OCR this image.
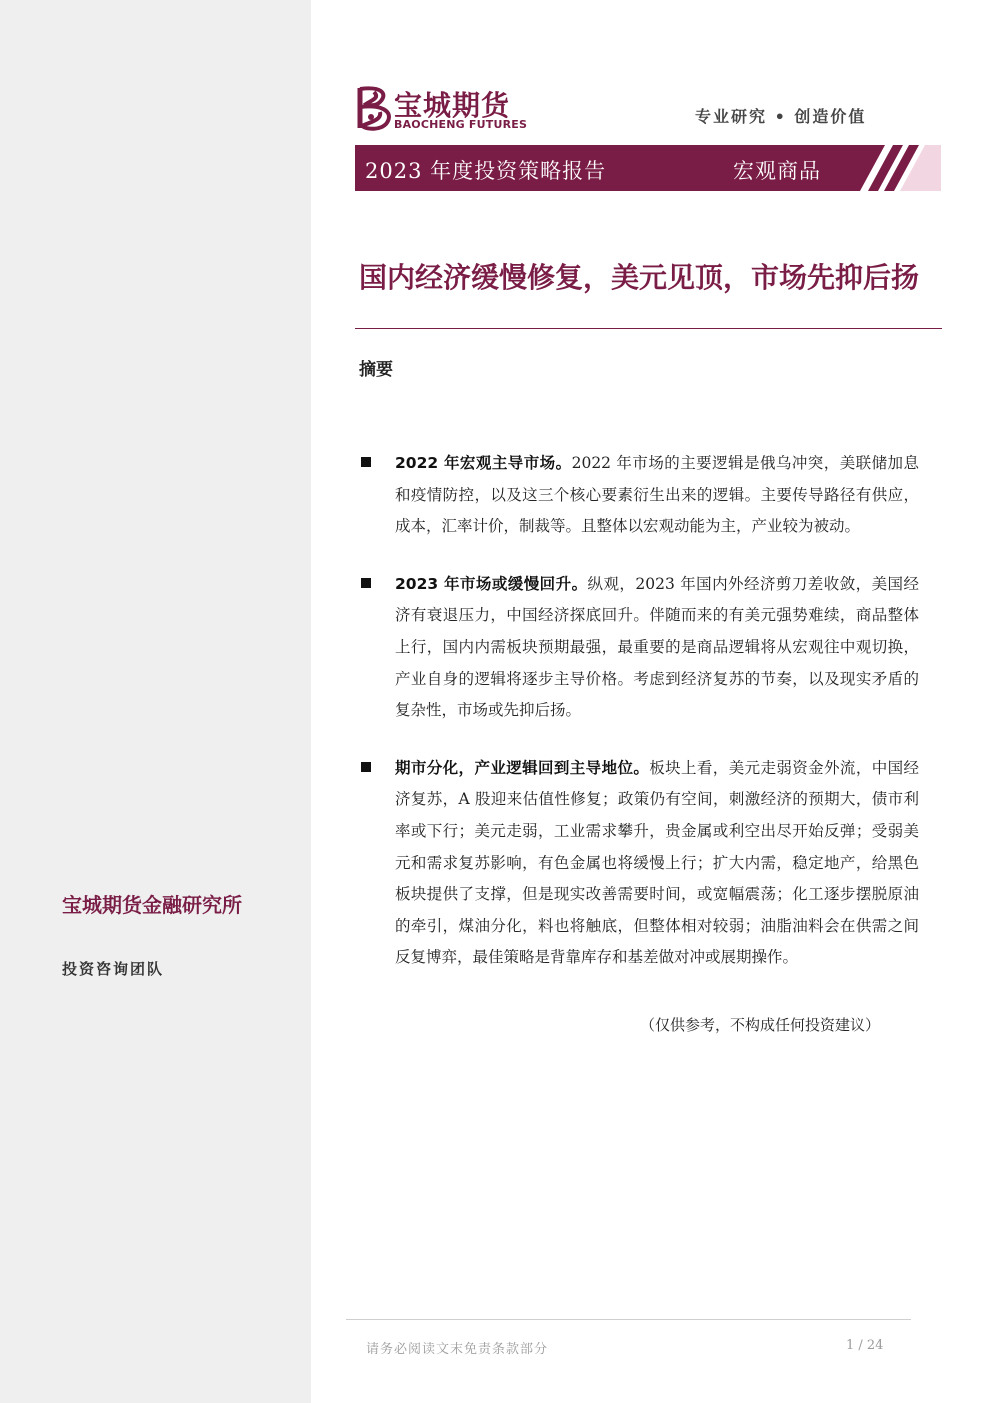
宝城期货金融研究所
投资咨询团队
宝城期货
BAOCHENG FUTURES	专业研究 • 创造价值
2023 年度投资策略报告	宏观商品
国内经济缓慢修复，美元见顶，市场先抑后扬
摘要
2022 年宏观主导市场。2022 年市场的主要逻辑是俄乌冲突，美联储加息和疫情防控，以及这三个核心要素衍生出来的逻辑。主要传导路径有供应，成本，汇率计价，制裁等。且整体以宏观动能为主，产业较为被动。
2023 年市场或缓慢回升。纵观，2023 年国内外经济剪刀差收敛，美国经济有衰退压力，中国经济探底回升。伴随而来的有美元强势难续，商品整体上行，国内内需板块预期最强，最重要的是商品逻辑将从宏观往中观切换，产业自身的逻辑将逐步主导价格。考虑到经济复苏的节奏，以及现实矛盾的复杂性，市场或先抑后扬。
期市分化，产业逻辑回到主导地位。板块上看，美元走弱资金外流，中国经济复苏，A 股迎来估值性修复；政策仍有空间，刺激经济的预期大，债市利率或下行；美元走弱，工业需求攀升，贵金属或利空出尽开始反弹；受弱美元和需求复苏影响，有色金属也将缓慢上行；扩大内需，稳定地产，给黑色板块提供了支撑，但是现实改善需要时间，或宽幅震荡；化工逐步摆脱原油的牵引，煤油分化，料也将触底，但整体相对较弱；油脂油料会在供需之间反复博弈，最佳策略是背靠库存和基差做对冲或展期操作。
（仅供参考，不构成任何投资建议）
请务必阅读文末免责条款部分	1 / 24
